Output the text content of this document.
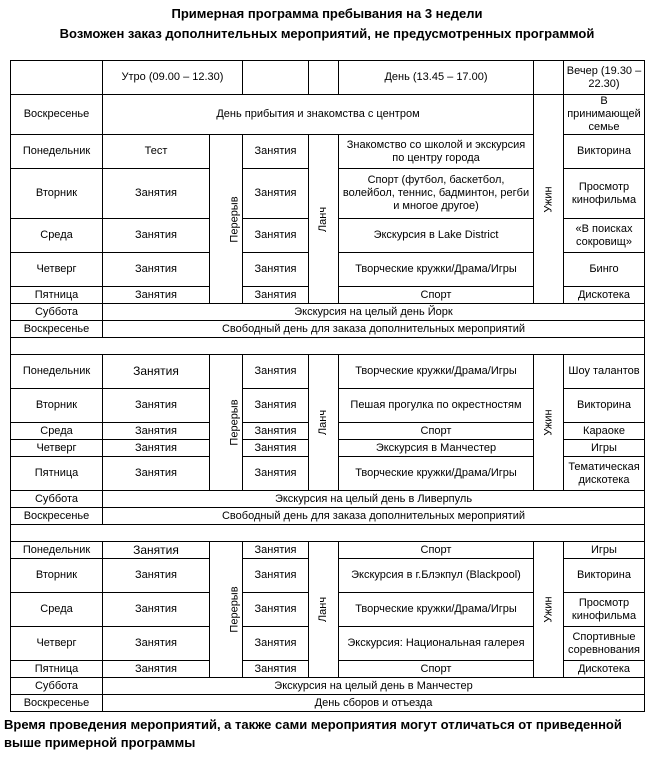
Примерная программа пребывания на 3 недели
Возможен заказ дополнительных мероприятий, не предусмотренных программой
	Утро (09.00 – 12.30)				День (13.45 – 17.00)		Вечер (19.30 – 22.30)
Воскресенье	День прибытия и знакомства с центром					Ужин	В принимающей семье
Понедельник	Тест	Перерыв	Занятия	Ланч	Знакомство со школой и экскурсия по центру города		Викторина
Вторник	Занятия		Занятия		Спорт (футбол, баскетбол, волейбол, теннис, бадминтон, регби и многое другое)		Просмотр кинофильма
Среда	Занятия		Занятия		Экскурсия в Lake District		«В поисках сокровищ»
Четверг	Занятия		Занятия		Творческие кружки/Драма/Игры		Бинго
Пятница	Занятия		Занятия		Спорт		Дискотека
Суббота	Экскурсия на целый день Йорк						
Воскресенье	Свободный день для заказа дополнительных мероприятий						

Понедельник	Занятия	Перерыв	Занятия	Ланч	Творческие кружки/Драма/Игры	Ужин	Шоу талантов
Вторник	Занятия		Занятия		Пешая прогулка по окрестностям		Викторина
Среда	Занятия		Занятия		Спорт		Караоке
Четверг	Занятия		Занятия		Экскурсия в Манчестер		Игры
Пятница	Занятия		Занятия		Творческие кружки/Драма/Игры		Тематическая дискотека
Суббота	Экскурсия на целый день в Ливерпуль						
Воскресенье	Свободный день для заказа дополнительных мероприятий						

Понедельник	Занятия	Перерыв	Занятия	Ланч	Спорт	Ужин	Игры
Вторник	Занятия		Занятия		Экскурсия в г.Блэкпул (Blackpool)		Викторина
Среда	Занятия		Занятия		Творческие кружки/Драма/Игры		Просмотр кинофильма
Четверг	Занятия		Занятия		Экскурсия: Национальная галерея		Спортивные соревнования
Пятница	Занятия		Занятия		Спорт		Дискотека
Суббота	Экскурсия на целый день в Манчестер						
Воскресенье	День сборов и отъезда						
Время проведения мероприятий, а также сами мероприятия могут отличаться от приведенной выше примерной программы
